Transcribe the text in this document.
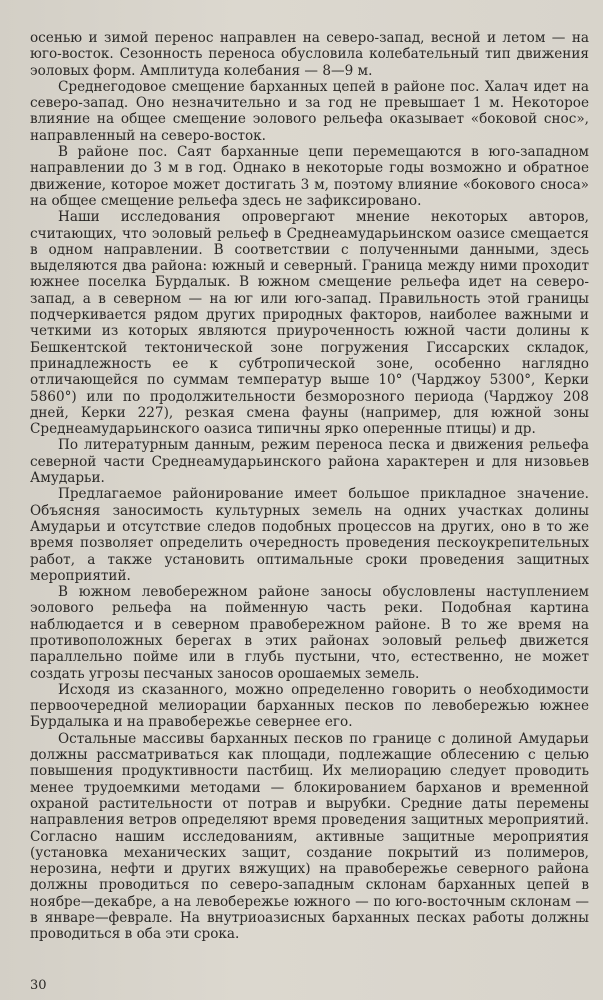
осенью и зимой перенос направлен на северо-запад, весной и летом — на юго-восток. Сезонность переноса обусловила колебательный тип движения эоловых форм. Амплитуда колебания — 8—9 м.

Среднегодовое смещение барханных цепей в районе пос. Халач идет на северо-запад. Оно незначительно и за год не превышает 1 м. Некоторое влияние на общее смещение эолового рельефа оказывает «боковой снос», направленный на северо-восток.

В районе пос. Саят барханные цепи перемещаются в юго-западном направлении до 3 м в год. Однако в некоторые годы возможно и обратное движение, которое может достигать 3 м, поэтому влияние «бокового сноса» на общее смещение рельефа здесь не зафиксировано.

Наши исследования опровергают мнение некоторых авторов, считающих, что эоловый рельеф в Среднеамударьинском оазисе смещается в одном направлении. В соответствии с полученными данными, здесь выделяются два района: южный и северный. Граница между ними проходит южнее поселка Бурдалык. В южном смещение рельефа идет на северо-запад, а в северном — на юг или юго-запад. Правильность этой границы подчеркивается рядом других природных факторов, наиболее важными и четкими из которых являются приуроченность южной части долины к Бешкентской тектонической зоне погружения Гиссарских складок, принадлежность ее к субтропической зоне, особенно наглядно отличающейся по суммам температур выше 10° (Чарджоу 5300°, Керки 5860°) или по продолжительности безморозного периода (Чарджоу 208 дней, Керки 227), резкая смена фауны (например, для южной зоны Среднеамударьинского оазиса типичны ярко оперенные птицы) и др.

По литературным данным, режим переноса песка и движения рельефа северной части Среднеамударьинского района характерен и для низовьев Амударьи.

Предлагаемое районирование имеет большое прикладное значение. Объясняя заносимость культурных земель на одних участках долины Амударьи и отсутствие следов подобных процессов на других, оно в то же время позволяет определить очередность проведения пескоукрепительных работ, а также установить оптимальные сроки проведения защитных мероприятий.

В южном левобережном районе заносы обусловлены наступлением эолового рельефа на пойменную часть реки. Подобная картина наблюдается и в северном правобережном районе. В то же время на противоположных берегах в этих районах эоловый рельеф движется параллельно пойме или в глубь пустыни, что, естественно, не может создать угрозы песчаных заносов орошаемых земель.

Исходя из сказанного, можно определенно говорить о необходимости первоочередной мелиорации барханных песков по левобережью южнее Бурдалыка и на правобережье севернее его.

Остальные массивы барханных песков по границе с долиной Амударьи должны рассматриваться как площади, подлежащие облесению с целью повышения продуктивности пастбищ. Их мелиорацию следует проводить менее трудоемкими методами — блокированием барханов и временной охраной растительности от потрав и вырубки. Средние даты перемены направления ветров определяют время проведения защитных мероприятий. Согласно нашим исследованиям, активные защитные мероприятия (установка механических защит, создание покрытий из полимеров, нерозина, нефти и других вяжущих) на правобережье северного района должны проводиться по северо-западным склонам барханных цепей в ноябре—декабре, а на левобережье южного — по юго-восточным склонам — в январе—феврале. На внутриоазисных барханных песках работы должны проводиться в оба эти срока.

30
